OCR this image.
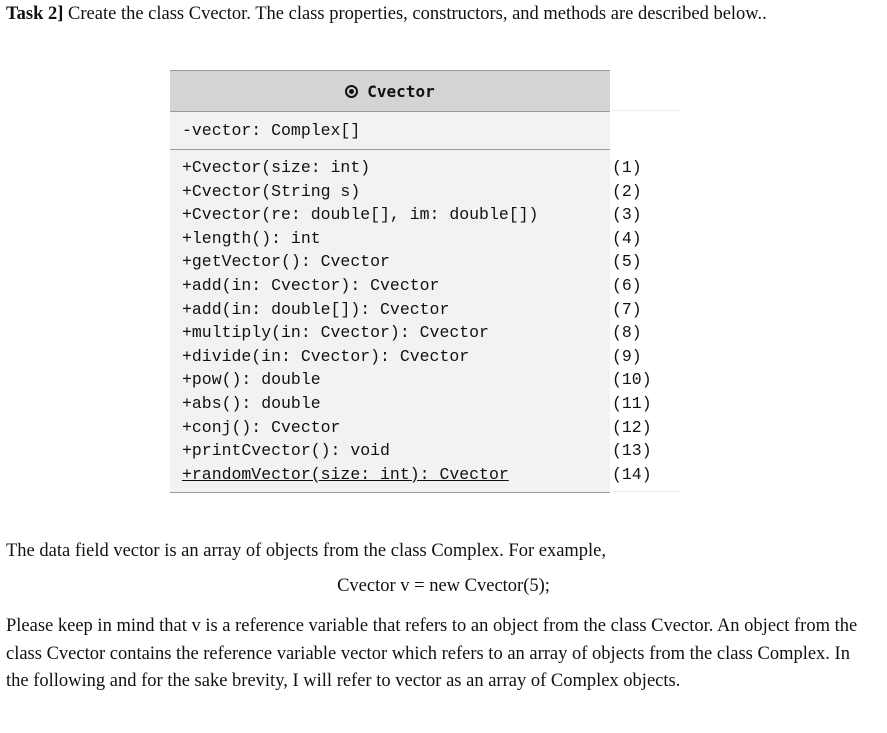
Task 2] Create the class Cvector. The class properties, constructors, and methods are described below..
Cvector
-vector: Complex[]
+Cvector(size: int)
+Cvector(String s)
+Cvector(re: double[], im: double[])
+length(): int
+getVector(): Cvector
+add(in: Cvector): Cvector
+add(in: double[]): Cvector
+multiply(in: Cvector): Cvector
+divide(in: Cvector): Cvector
+pow(): double
+abs(): double
+conj(): Cvector
+printCvector(): void
+randomVector(size: int): Cvector
(1)
(2)
(3)
(4)
(5)
(6)
(7)
(8)
(9)
(10)
(11)
(12)
(13)
(14)
The data field vector is an array of objects from the class Complex. For example,
Cvector v = new Cvector(5);
Please keep in mind that v is a reference variable that refers to an object from the class Cvector. An object from the class Cvector contains the reference variable vector which refers to an array of objects from the class Complex. In the following and for the sake brevity, I will refer to vector as an array of Complex objects.
